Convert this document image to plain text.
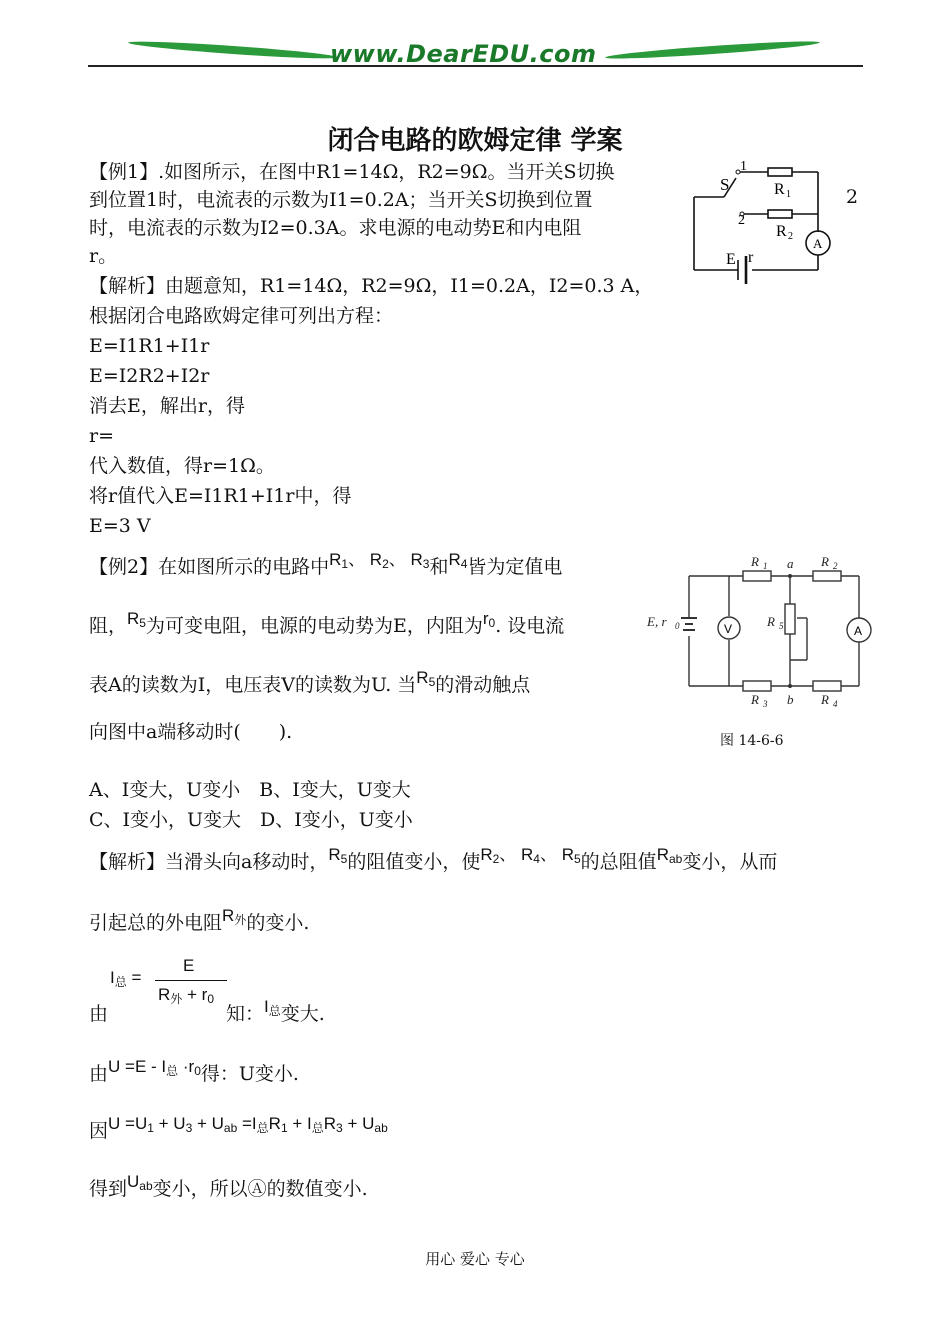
www.DearEDU.com
闭合电路的欧姆定律 学案
【例1】.如图所示，在图中R1=14Ω，R2=9Ω。当开关S切换
到位置1时，电流表的示数为I1=0.2A；当开关S切换到位置
时，电流表的示数为I2=0.3A。求电源的电动势E和内电阻
r。
2
1
2
S	R 1
R 2 A
E r
【解析】由题意知，R1=14Ω，R2=9Ω，I1=0.2A，I2=0.3 A，
根据闭合电路欧姆定律可列出方程：
E=I1R1+I1r
E=I2R2+I2r
消去E，解出r，得
r=
代入数值，得r=1Ω。
将r值代入E=I1R1+I1r中，得
E=3 V
【例2】在如图所示的电路中$R_1$、 $R_2$、 $R_3$和$R_4$皆为定值电
阻，$R_5$为可变电阻，电源的电动势为E，内阻为$r_0$. 设电流
表A的读数为I，电压表V的读数为U. 当$R_5$的滑动触点
向图中a端移动时(　　).
A、I变大，U变小　B、I变大，U变大
C、I变小，U变大　D、I变小，U变小
R 1	R 2
R 3	R 4
R 5
a
b
E, r 0	V	A
图 14-6-6
【解析】当滑头向a移动时，$R_5$的阻值变小，使$R_2$、 $R_4$、 $R_5$的总阻值$R_{ab}$变小，从而
引起总的外电阻$R_外$的变小.
$I_总$ =
E
$R_外 + r_0$
由	知：$I_总$变大.
由$U =E - I_总 \cdot r_0$得：U变小.
因$U =U_1 + U_3 + U_{ab} =I_总R_1 + I_总R_3 + U_{ab}$
得到$U_{ab}$变小，所以Ⓐ的数值变小.
用心 爱心 专心
